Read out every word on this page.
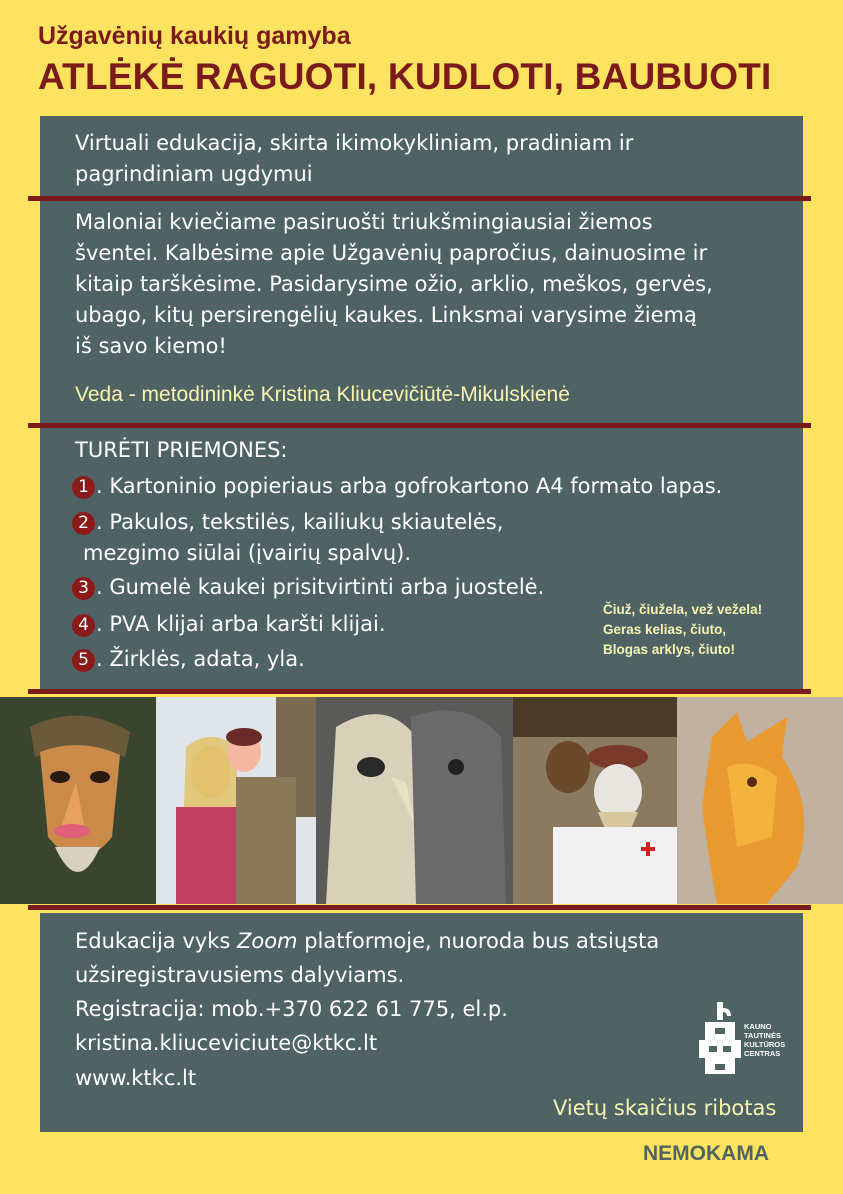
Užgavėnių kaukių gamyba
ATLĖKĖ RAGUOTI, KUDLOTI, BAUBUOTI
Virtuali edukacija, skirta ikimokykliniam, pradiniam ir
pagrindiniam ugdymui
Maloniai kviečiame pasiruošti triukšmingiausiai žiemos
šventei. Kalbėsime apie Užgavėnių papročius, dainuosime ir
kitaip tarškėsime. Pasidarysime ožio, arklio, meškos, gervės,
ubago, kitų persirengėlių kaukes. Linksmai varysime žiemą
iš savo kiemo!
Veda - metodininkė Kristina Kliucevičiūtė-Mikulskienė
TURĖTI PRIEMONES:
1 . Kartoninio popieriaus arba gofrokartono A4 formato lapas.
2 . Pakulos, tekstilės, kailiukų skiautelės,
mezgimo siūlai (įvairių spalvų).
3 . Gumelė kaukei prisitvirtinti arba juostelė.
4 . PVA klijai arba karšti klijai.
5 . Žirklės, adata, yla.
Čiuž, čiužela, vež vežela!
Geras kelias, čiuto,
Blogas arklys, čiuto!
Edukacija vyks Zoom platformoje, nuoroda bus atsiųsta
užsiregistravusiems dalyviams.
Registracija: mob.+370 622 61 775, el.p.
kristina.kliuceviciute@ktkc.lt
www.ktkc.lt
KAUNO
TAUTINĖS
KULTŪROS
CENTRAS
Vietų skaičius ribotas
NEMOKAMA
